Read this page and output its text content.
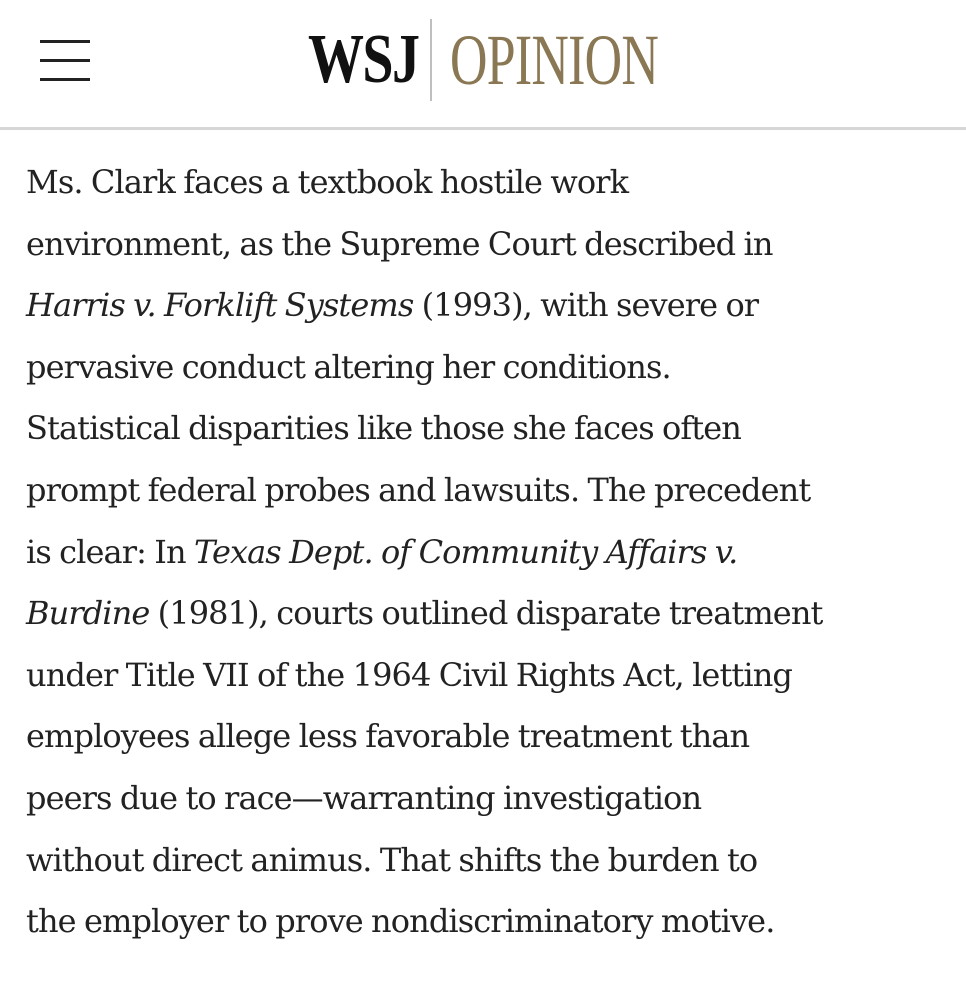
WSJ OPINION

Ms. Clark faces a textbook hostile work
environment, as the Supreme Court described in
Harris v. Forklift Systems (1993), with severe or
pervasive conduct altering her conditions.
Statistical disparities like those she faces often
prompt federal probes and lawsuits. The precedent
is clear: In Texas Dept. of Community Affairs v.
Burdine (1981), courts outlined disparate treatment
under Title VII of the 1964 Civil Rights Act, letting
employees allege less favorable treatment than
peers due to race—warranting investigation
without direct animus. That shifts the burden to
the employer to prove nondiscriminatory motive.
